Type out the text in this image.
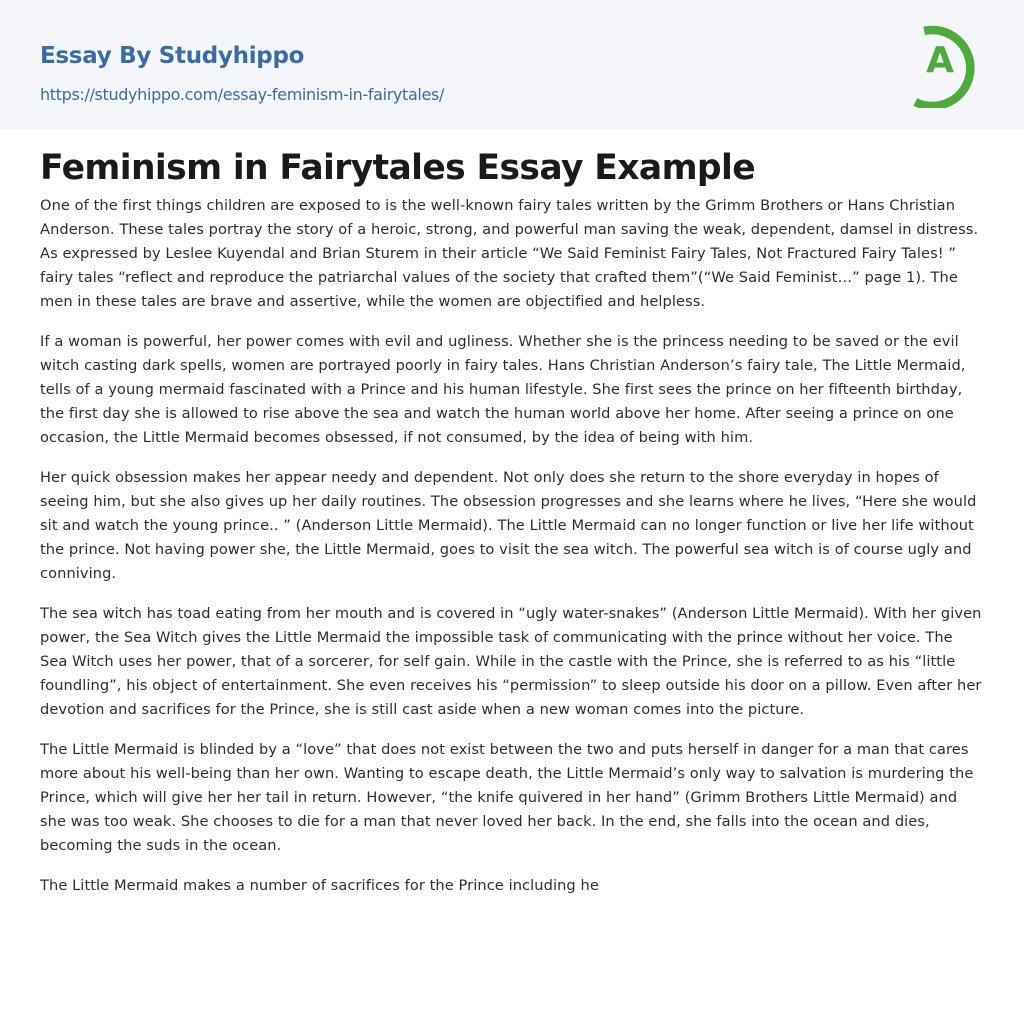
Essay By Studyhippo
https://studyhippo.com/essay-feminism-in-fairytales/
A
Feminism in Fairytales Essay Example

One of the first things children are exposed to is the well-known fairy tales written by the Grimm Brothers or Hans Christian Anderson. These tales portray the story of a heroic, strong, and powerful man saving the weak, dependent, damsel in distress. As expressed by Leslee Kuyendal and Brian Sturem in their article “We Said Feminist Fairy Tales, Not Fractured Fairy Tales! ” fairy tales “reflect and reproduce the patriarchal values of the society that crafted them”(“We Said Feminist…” page 1). The men in these tales are brave and assertive, while the women are objectified and helpless.

If a woman is powerful, her power comes with evil and ugliness. Whether she is the princess needing to be saved or the evil witch casting dark spells, women are portrayed poorly in fairy tales. Hans Christian Anderson’s fairy tale, The Little Mermaid, tells of a young mermaid fascinated with a Prince and his human lifestyle. She first sees the prince on her fifteenth birthday, the first day she is allowed to rise above the sea and watch the human world above her home. After seeing a prince on one occasion, the Little Mermaid becomes obsessed, if not consumed, by the idea of being with him.

Her quick obsession makes her appear needy and dependent. Not only does she return to the shore everyday in hopes of seeing him, but she also gives up her daily routines. The obsession progresses and she learns where he lives, “Here she would sit and watch the young prince.. ” (Anderson Little Mermaid). The Little Mermaid can no longer function or live her life without the prince. Not having power she, the Little Mermaid, goes to visit the sea witch. The powerful sea witch is of course ugly and conniving.

The sea witch has toad eating from her mouth and is covered in “ugly water-snakes” (Anderson Little Mermaid). With her given power, the Sea Witch gives the Little Mermaid the impossible task of communicating with the prince without her voice. The Sea Witch uses her power, that of a sorcerer, for self gain. While in the castle with the Prince, she is referred to as his “little foundling”, his object of entertainment. She even receives his “permission” to sleep outside his door on a pillow. Even after her devotion and sacrifices for the Prince, she is still cast aside when a new woman comes into the picture.

The Little Mermaid is blinded by a “love” that does not exist between the two and puts herself in danger for a man that cares more about his well-being than her own. Wanting to escape death, the Little Mermaid’s only way to salvation is murdering the Prince, which will give her her tail in return. However, “the knife quivered in her hand” (Grimm Brothers Little Mermaid) and she was too weak. She chooses to die for a man that never loved her back. In the end, she falls into the ocean and dies, becoming the suds in the ocean.

The Little Mermaid makes a number of sacrifices for the Prince including he
